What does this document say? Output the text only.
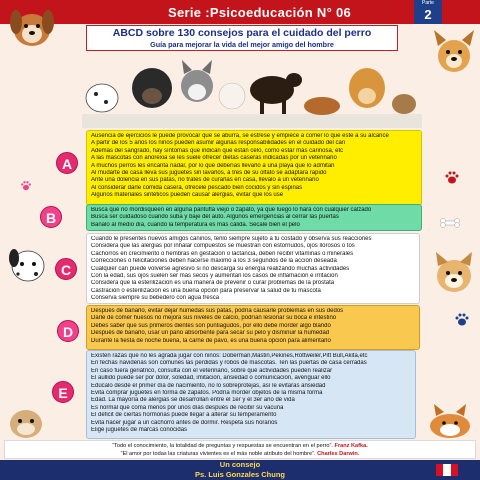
Serie :Psicoeducación N° 06
Parte
2
ABCD sobre 130 consejos para el cuidado del perro
Guía para mejorar la vida del mejor amigo del hombre
A
B
C
D
E
Ausencia de ejercicios le puede provocar que se aburra, se estrese y empiece a comer lo que este a su alcance
A partir de los 5 años los niños pueden asumir algunas responsabilidades en el cuidado del can
Además del sangrado, hay síntomas que indican que están celo, como estar más cariñosa, etc
A las mascotas con anorexia se les suele ofrecer dietas caseras indicadas por un veterinario
A muchos perros les encanta nadar, por lo que deberías llevarlo a una playa que lo admitan
Al mudarte de casa lleva sus juguetes sin lavarlos, a tres de su olfato se adaptará rápido
Ante una dolencia en sus patas, no trates de curarlas en casa, llévalo a un veterinario
Al considerar darle comida casera, ofrécele pescado bien cocidos y sin espinas
Algunos materiales sintéticos pueden causar alergias, evitar que los use
Busca que no mordisqueen en alguna pantufla viejo o zapato, ya que luego lo hará con cualquier calzado
Busca ser cuidadoso cuando suba y baje del auto. Algunos emergencias al cerrar las puertas
Bañalo al medio día, cuando la temperatura es más cálida. Secale bien el pelo
Cuando le presentes nuevos amigos caninos, tenlo siempre sujeto a tu costado y observa sus reacciones
Considera que las alergias por inhalar compuestos se muestran con estornudos, ojos llorosos o tos
Cachorros en crecimiento o hembras en gestación o lactancia, deben recibir vitaminas o minerales
Correcciones o felicitaciones deben hacerse máximo a los 3 segundos de la acción deseada
Cualquier can puede volverse agresivo si no descarga su energía realizando muchas actividades
Con la edad, sus ojos suelen ser más secos y aumentan los casos de inflamación e irritación
Considera que la esterilización es una manera de prevenir o curar problemas de la próstata
Castración o esterilización es una buena opción para preservar la salud de tu mascota
Conserva siempre su bebedero con agua fresca
Después de bañarlo, evitar dejar húmedas sus patas, podría causarle problemas en sus dedos
Darle de comer huesos no mejora sus niveles de calcio, podrían lesionar su boca e intestino
Debes saber que sus primeros dientes son puntiagudos, por ello debe morder algo blando
Después de bañarlo, usar un paño absorbente para secar su pelo y disminuir la humedad
Durante la fiesta de noche buena, la carne de pavo, es una buena opción para alimentarlo
Existen razas que no les agrada jugar con niños: Doberman,Mastin,Pekines,Rottweiler,Pitt Bull,Akita,etc
En fechas navideñas son comunes las perdidas y robos de mascotas. Ten las puertas de casa cerradas
En caso fuera geriátrico, consulta con el veterinario, sobre qué actividades pueden realizar
El aullido puede ser por dolor, soledad, imitación, ansiedad o comunicación, averiguar ello
Edúcalo desde el primer día de nacimiento, no lo sobreprotejas, así le evitaras ansiedad
Evita comprar juguetes en forma de zapatos. Podría morder objetos de la misma forma
Edad. La mayoría de alergias se desarrollan entre el 1er y el 3er año de vida
Es normal que coma menos por unos días después de recibir su vacuna
El déficit de ciertas hormonas puede llegar a alterar su temperamento
Evita hacer jugar a un cachorro antes de dormir. Respeta sus horarios
Elige juguetes de marcas conocidas
“Todo el conocimiento, la totalidad de preguntas y respuestas se encuentran en el perro”. Franz Kafka.
“El amor por todas las criaturas vivientes es el más noble atributo del hombre”. Charles Darwin.
Un consejo
Ps. Luis Gonzales Chung
